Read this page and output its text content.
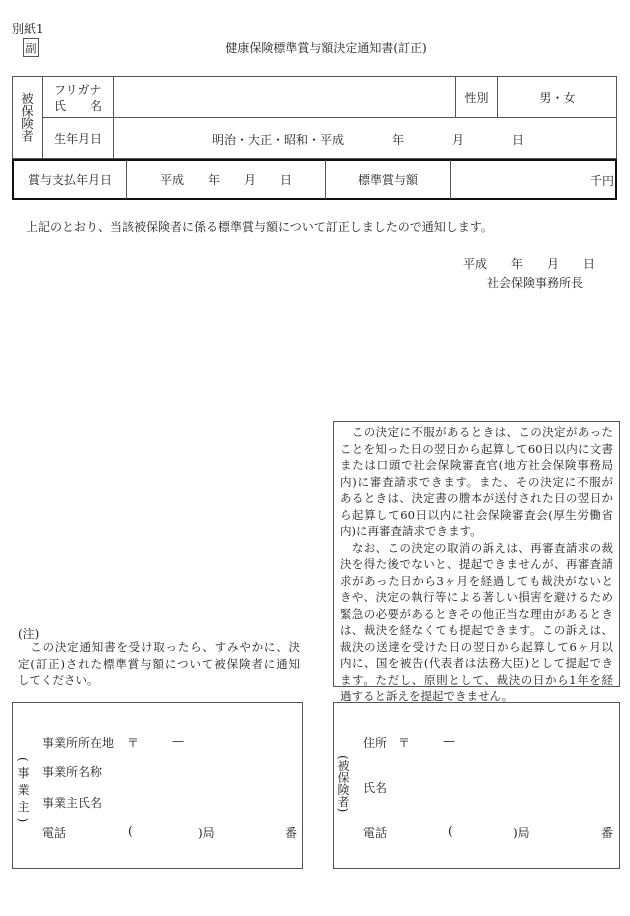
別紙1
副	健康保険標準賞与額決定通知書(訂正)
被保険者
フリガナ
氏　　名
性別	男・女
生年月日	明治・大正・昭和・平成　　　　年　　　　月　　　　日
賞与支払年月日	平成　　年　　月　　日	標準賞与額	千円
上記のとおり、当該被保険者に係る標準賞与額について訂正しましたので通知します。
平成　　年　　月　　日
社会保険事務所長
　この決定に不服があるときは、この決定があった
ことを知った日の翌日から起算して60日以内に文書
または口頭で社会保険審査官(地方社会保険事務局
内)に審査請求できます。また、その決定に不服が
あるときは、決定書の謄本が送付された日の翌日か
ら起算して60日以内に社会保険審査会(厚生労働省
内)に再審査請求できます。
　なお、この決定の取消の訴えは、再審査請求の裁
決を得た後でないと、提起できませんが、再審査請
求があった日から3ヶ月を経過しても裁決がないと
きや、決定の執行等による著しい損害を避けるため
緊急の必要があるときその他正当な理由があるとき
は、裁決を経なくても提起できます。この訴えは、
裁決の送達を受けた日の翌日から起算して6ヶ月以
内に、国を被告(代表者は法務大臣)として提起でき
ます。ただし、原則として、裁決の日から1年を経
過すると訴えを提起できません。
(注)
　この決定通知書を受け取ったら、すみやかに、決
定(訂正)された標準賞与額について被保険者に通知
してください。
(事業主)
事業所所在地 〒	—
事業所名称
事業主氏名
電話	(	)局	番
(被保険者)
住所 〒	—
氏名
電話	(	)局	番
